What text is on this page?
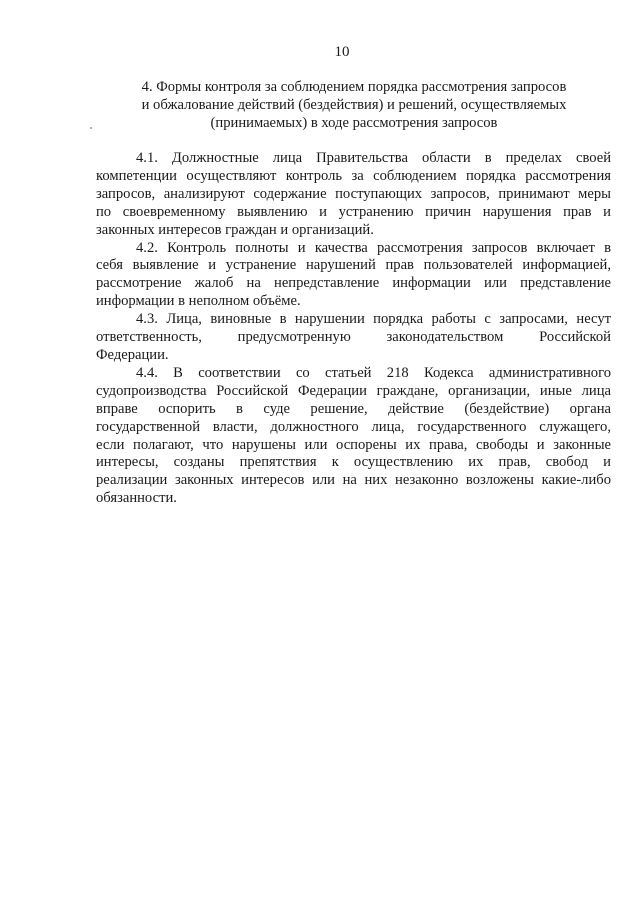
10
4. Формы контроля за соблюдением порядка рассмотрения запросов
и обжалование действий (бездействия) и решений, осуществляемых
(принимаемых) в ходе рассмотрения запросов

4.1. Должностные лица Правительства области в пределах своей
компетенции осуществляют контроль за соблюдением порядка рассмотрения
запросов, анализируют содержание поступающих запросов, принимают меры
по своевременному выявлению и устранению причин нарушения прав и
законных интересов граждан и организаций.

4.2. Контроль полноты и качества рассмотрения запросов включает в
себя выявление и устранение нарушений прав пользователей информацией,
рассмотрение жалоб на непредставление информации или представление
информации в неполном объёме.

4.3. Лица, виновные в нарушении порядка работы с запросами, несут
ответственность, предусмотренную законодательством Российской
Федерации.

4.4. В соответствии со статьей 218 Кодекса административного
судопроизводства Российской Федерации граждане, организации, иные лица
вправе оспорить в суде решение, действие (бездействие) органа
государственной власти, должностного лица, государственного служащего,
если полагают, что нарушены или оспорены их права, свободы и законные
интересы, созданы препятствия к осуществлению их прав, свобод и
реализации законных интересов или на них незаконно возложены какие-либо
обязанности.
